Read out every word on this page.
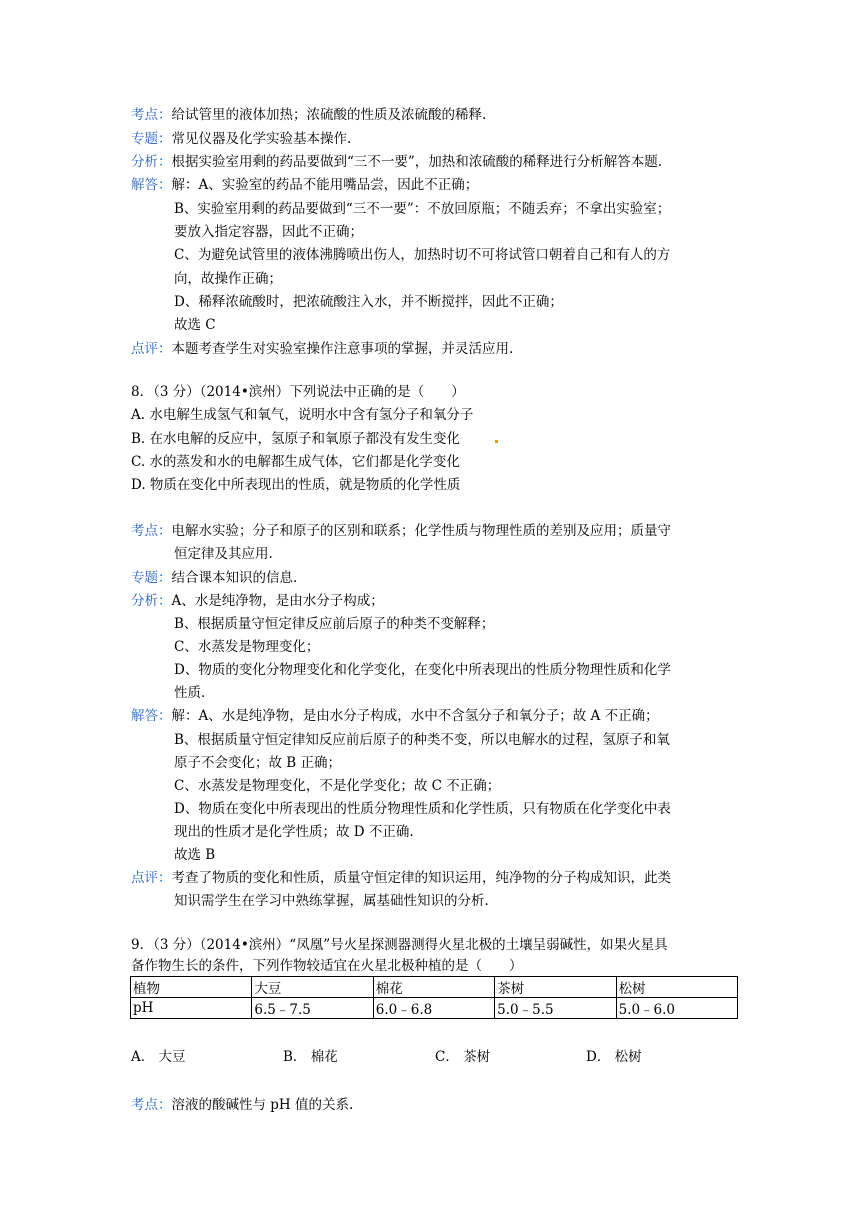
考点：给试管里的液体加热；浓硫酸的性质及浓硫酸的稀释.
专题：常见仪器及化学实验基本操作.
分析：根据实验室用剩的药品要做到“三不一要”，加热和浓硫酸的稀释进行分析解答本题.
解答：解：A、实验室的药品不能用嘴品尝，因此不正确；
B、实验室用剩的药品要做到“三不一要”：不放回原瓶；不随丢弃；不拿出实验室；
要放入指定容器，因此不正确；
C、为避免试管里的液体沸腾喷出伤人，加热时切不可将试管口朝着自己和有人的方
向，故操作正确；
D、稀释浓硫酸时，把浓硫酸注入水，并不断搅拌，因此不正确；
故选 C
点评：本题考查学生对实验室操作注意事项的掌握，并灵活应用.
8．（3 分）（2014•滨州）下列说法中正确的是（　　）
A. 水电解生成氢气和氧气，说明水中含有氢分子和氧分子
B. 在水电解的反应中，氢原子和氧原子都没有发生变化
C. 水的蒸发和水的电解都生成气体，它们都是化学变化
D. 物质在变化中所表现出的性质，就是物质的化学性质
考点：电解水实验；分子和原子的区别和联系；化学性质与物理性质的差别及应用；质量守
恒定律及其应用.
专题：结合课本知识的信息.
分析：A、水是纯净物，是由水分子构成；
B、根据质量守恒定律反应前后原子的种类不变解释；
C、水蒸发是物理变化；
D、物质的变化分物理变化和化学变化，在变化中所表现出的性质分物理性质和化学
性质.
解答：解：A、水是纯净物，是由水分子构成，水中不含氢分子和氧分子；故 A 不正确；
B、根据质量守恒定律知反应前后原子的种类不变，所以电解水的过程，氢原子和氧
原子不会变化；故 B 正确；
C、水蒸发是物理变化，不是化学变化；故 C 不正确；
D、物质在变化中所表现出的性质分物理性质和化学性质，只有物质在化学变化中表
现出的性质才是化学性质；故 D 不正确.
故选 B
点评：考查了物质的变化和性质，质量守恒定律的知识运用，纯净物的分子构成知识，此类
知识需学生在学习中熟练掌握，属基础性知识的分析.
9．（3 分）（2014•滨州）“凤凰”号火星探测器测得火星北极的土壤呈弱碱性，如果火星具
备作物生长的条件，下列作物较适宜在火星北极种植的是（　　）
植物	大豆	棉花	茶树	松树
pH	6.5﹣7.5	6.0﹣6.8	5.0﹣5.5	5.0﹣6.0
A． 大豆	B． 棉花	C． 茶树	D． 松树
考点：溶液的酸碱性与 pH 值的关系.
